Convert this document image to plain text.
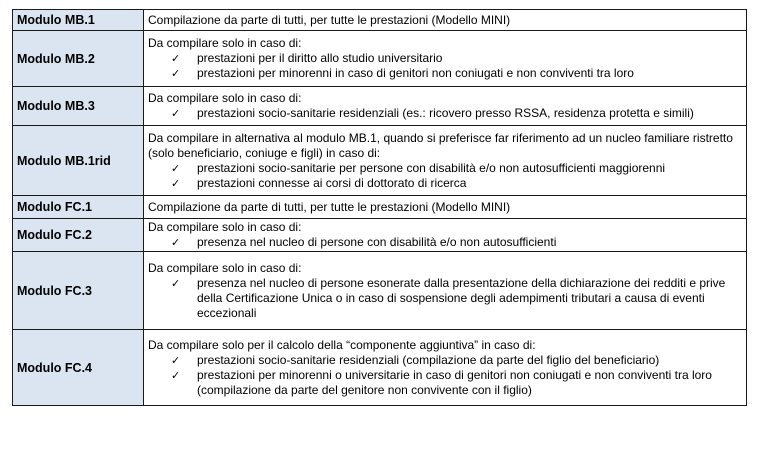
Modulo MB.1	Compilazione da parte di tutti, per tutte le prestazioni (Modello MINI)

Modulo MB.2	Da compilare solo in caso di:
✓ prestazioni per il diritto allo studio universitario
✓ prestazioni per minorenni in caso di genitori non coniugati e non conviventi tra loro

Modulo MB.3	Da compilare solo in caso di:
✓ prestazioni socio-sanitarie residenziali (es.: ricovero presso RSSA, residenza protetta e simili)

Modulo MB.1rid	Da compilare in alternativa al modulo MB.1, quando si preferisce far riferimento ad un nucleo familiare ristretto (solo beneficiario, coniuge e figli) in caso di:
✓ prestazioni socio-sanitarie per persone con disabilità e/o non autosufficienti maggiorenni
✓ prestazioni connesse ai corsi di dottorato di ricerca

Modulo FC.1	Compilazione da parte di tutti, per tutte le prestazioni (Modello MINI)

Modulo FC.2	Da compilare solo in caso di:
✓ presenza nel nucleo di persone con disabilità e/o non autosufficienti

Modulo FC.3	Da compilare solo in caso di:
✓ presenza nel nucleo di persone esonerate dalla presentazione della dichiarazione dei redditi e prive della Certificazione Unica o in caso di sospensione degli adempimenti tributari a causa di eventi eccezionali

Modulo FC.4	Da compilare solo per il calcolo della “componente aggiuntiva” in caso di:
✓ prestazioni socio-sanitarie residenziali (compilazione da parte del figlio del beneficiario)
✓ prestazioni per minorenni o universitarie in caso di genitori non coniugati e non conviventi tra loro (compilazione da parte del genitore non convivente con il figlio)
